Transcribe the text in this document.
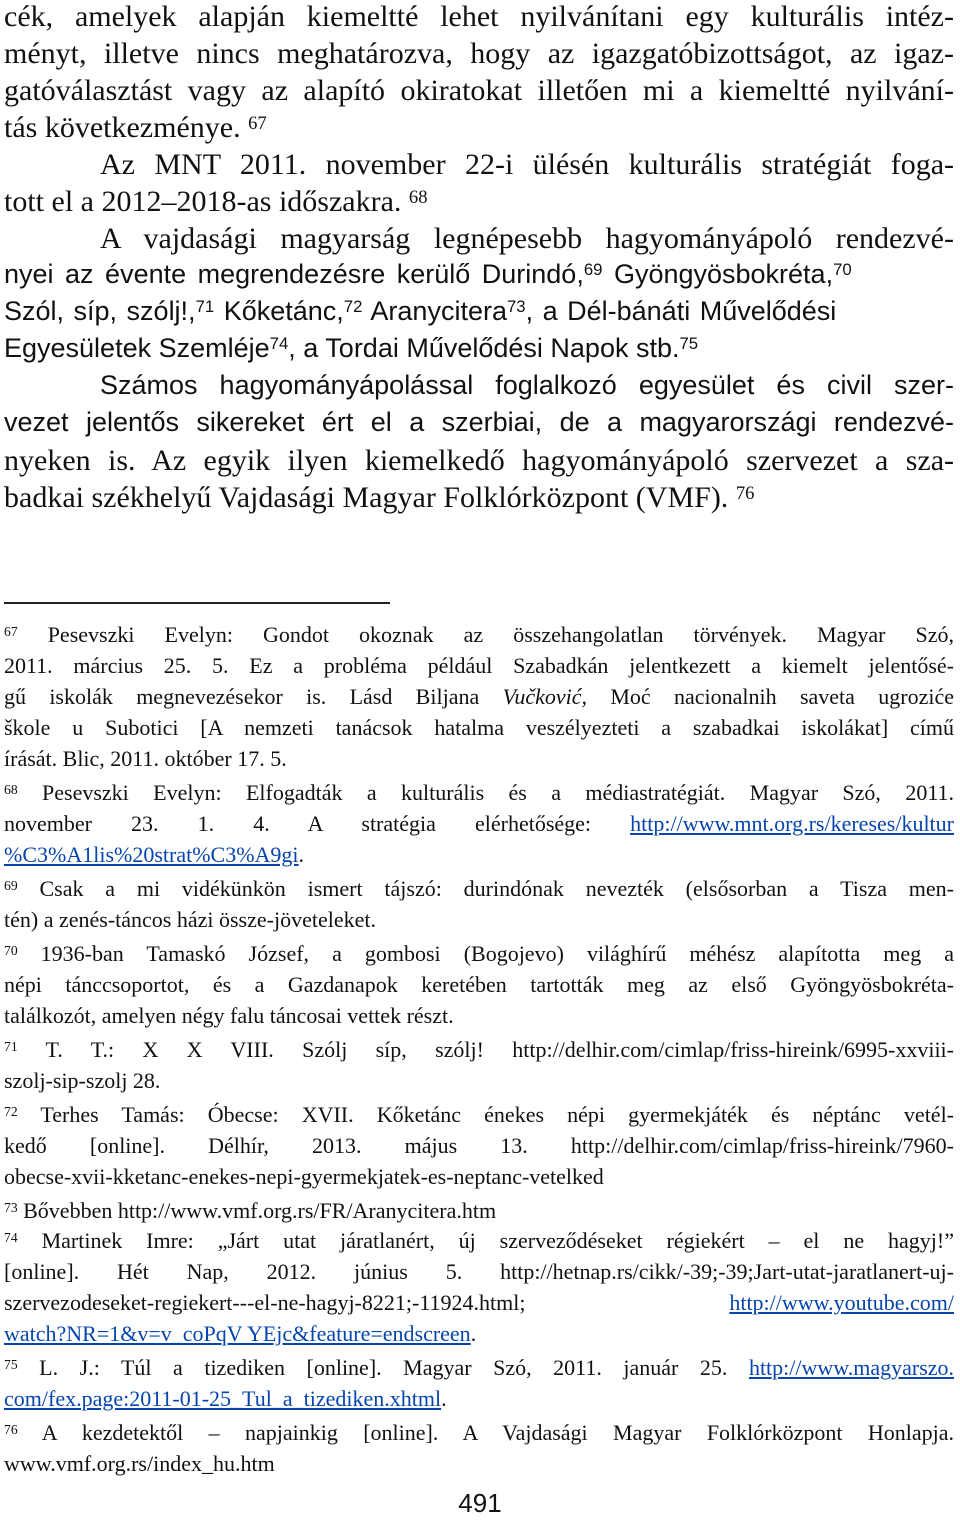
cék, amelyek alapján kiemeltté lehet nyilvánítani egy kulturális intéz-

ményt, illetve nincs meghatározva, hogy az igazgatóbizottságot, az igaz-

gatóválasztást vagy az alapító okiratokat illetően mi a kiemeltté nyilvání-

tás következménye. $^{67}$

Az MNT 2011. november 22-i ülésén kulturális stratégiát foga-

tott el a 2012–2018-as időszakra. $^{68}$

A vajdasági magyarság legnépesebb hagyományápoló rendezvé-

nyei az évente megrendezésre kerülő Durindó,$^{69}$ Gyöngyösbokréta,$^{70}$

Szól, síp, szólj!,$^{71}$ Kőketánc,$^{72}$ Aranycitera$^{73}$, a Dél-bánáti Művelődési

Egyesületek Szemléje$^{74}$, a Tordai Művelődési Napok stb.$^{75}$

Számos hagyományápolással foglalkozó egyesület és civil szer-

vezet jelentős sikereket ért el a szerbiai, de a magyarországi rendezvé-

nyeken is. Az egyik ilyen kiemelkedő hagyományápoló szervezet a sza-

badkai székhelyű Vajdasági Magyar Folklórközpont (VMF). $^{76}$

$^{67}$ Pesevszki Evelyn: Gondot okoznak az összehangolatlan törvények. Magyar Szó,

2011. március 25. 5. Ez a probléma például Szabadkán jelentkezett a kiemelt jelentősé-

gű iskolák megnevezésekor is. Lásd Biljana Vučković, Moć nacionalnih saveta ugroziće

škole u Subotici [A nemzeti tanácsok hatalma veszélyezteti a szabadkai iskolákat] című

írását. Blic, 2011. október 17. 5.

$^{68}$ Pesevszki Evelyn: Elfogadták a kulturális és a médiastratégiát. Magyar Szó, 2011.

november 23. 1. 4. A stratégia elérhetősége: http://www.mnt.org.rs/kereses/kultur

%C3%A1lis%20strat%C3%A9gi.

$^{69}$ Csak a mi vidékünkön ismert tájszó: durindónak nevezték (elsősorban a Tisza men-

tén) a zenés-táncos házi össze-jöveteleket.

$^{70}$ 1936-ban Tamaskó József, a gombosi (Bogojevo) világhírű méhész alapította meg a

népi tánccsoportot, és a Gazdanapok keretében tartották meg az első Gyöngyösbokréta-

találkozót, amelyen négy falu táncosai vettek részt.

$^{71}$ T. T.: X X VIII. Szólj síp, szólj! http://delhir.com/cimlap/friss-hireink/6995-xxviii-

szolj-sip-szolj 28.

$^{72}$ Terhes Tamás: Óbecse: XVII. Kőketánc énekes népi gyermekjáték és néptánc vetél-

kedő [online]. Délhír, 2013. május 13. http://delhir.com/cimlap/friss-hireink/7960-

obecse-xvii-kketanc-enekes-nepi-gyermekjatek-es-neptanc-vetelked

$^{73}$ Bővebben http://www.vmf.org.rs/FR/Aranycitera.htm

$^{74}$ Martinek Imre: „Járt utat járatlanért, új szerveződéseket régiekért – el ne hagyj!”

[online]. Hét Nap, 2012. június 5. http://hetnap.rs/cikk/-39;-39;Jart-utat-jaratlanert-uj-

szervezodeseket-regiekert---el-ne-hagyj-8221;-11924.html;	http://www.youtube.com/

watch?NR=1&v=v_coPqV YEjc&feature=endscreen.

$^{75}$ L. J.: Túl a tizediken [online]. Magyar Szó, 2011. január 25. http://www.magyarszo.

com/fex.page:2011-01-25_Tul_a_tizediken.xhtml.

$^{76}$ A kezdetektől – napjainkig [online]. A Vajdasági Magyar Folklórközpont Honlapja.

www.vmf.org.rs/index_hu.htm

491
